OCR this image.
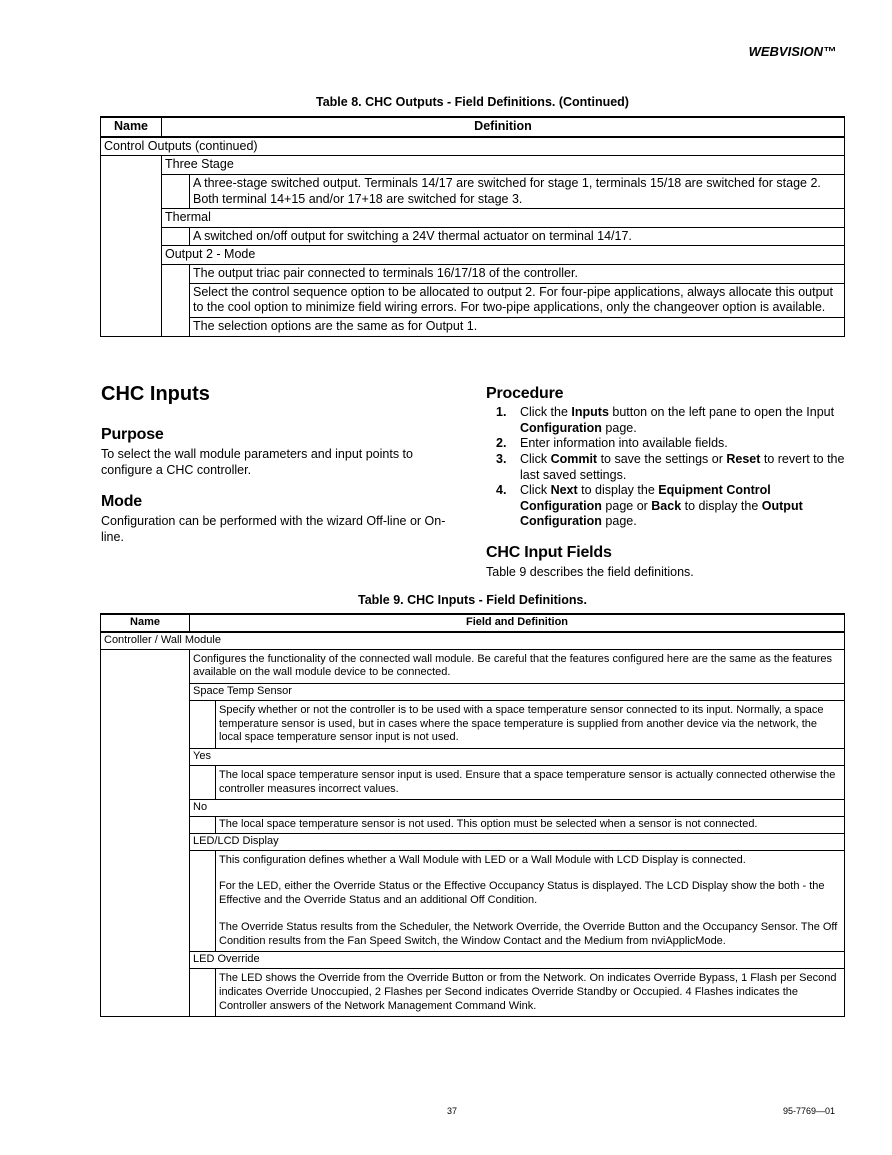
WEBVISION™
Table 8. CHC Outputs - Field Definitions. (Continued)
Name	Definition	
Control Outputs (continued)		
	Three Stage	
		A three-stage switched output. Terminals 14/17 are switched for stage 1, terminals 15/18 are switched for stage 2. Both terminal 14+15 and/or 17+18 are switched for stage 3.
	Thermal	
		A switched on/off output for switching a 24V thermal actuator on terminal 14/17.
	Output 2 - Mode	
		The output triac pair connected to terminals 16/17/18 of the controller.
		Select the control sequence option to be allocated to output 2. For four-pipe applications, always allocate this output to the cool option to minimize field wiring errors. For two-pipe applications, only the changeover option is available.
		The selection options are the same as for Output 1.
CHC Inputs
Purpose
To select the wall module parameters and input points to configure a CHC controller.
Mode
Configuration can be performed with the wizard Off-line or On-line.
Procedure
1. Click the Inputs button on the left pane to open the Input Configuration page.
2. Enter information into available fields.
3. Click Commit to save the settings or Reset to revert to the last saved settings.
4. Click Next to display the Equipment Control Configuration page or Back to display the Output Configuration page.
CHC Input Fields
Table 9 describes the field definitions.
Table 9. CHC Inputs - Field Definitions.
Name	Field and Definition	
Controller / Wall Module		
	Configures the functionality of the connected wall module. Be careful that the features configured here are the same as the features available on the wall module device to be connected.	
	Space Temp Sensor	
		Specify whether or not the controller is to be used with a space temperature sensor connected to its input. Normally, a space temperature sensor is used, but in cases where the space temperature is supplied from another device via the network, the local space temperature sensor input is not used.
	Yes	
		The local space temperature sensor input is used. Ensure that a space temperature sensor is actually connected otherwise the controller measures incorrect values.
	No	
		The local space temperature sensor is not used. This option must be selected when a sensor is not connected.
	LED/LCD Display	
		This configuration defines whether a Wall Module with LED or a Wall Module with LCD Display is connected.
For the LED, either the Override Status or the Effective Occupancy Status is displayed. The LCD Display show the both - the Effective and the Override Status and an additional Off Condition.
The Override Status results from the Scheduler, the Network Override, the Override Button and the Occupancy Sensor. The Off Condition results from the Fan Speed Switch, the Window Contact and the Medium from nviApplicMode.
	LED Override	
		The LED shows the Override from the Override Button or from the Network. On indicates Override Bypass, 1 Flash per Second indicates Override Unoccupied, 2 Flashes per Second indicates Override Standby or Occupied. 4 Flashes indicates the Controller answers of the Network Management Command Wink.
37	95-7769—01
